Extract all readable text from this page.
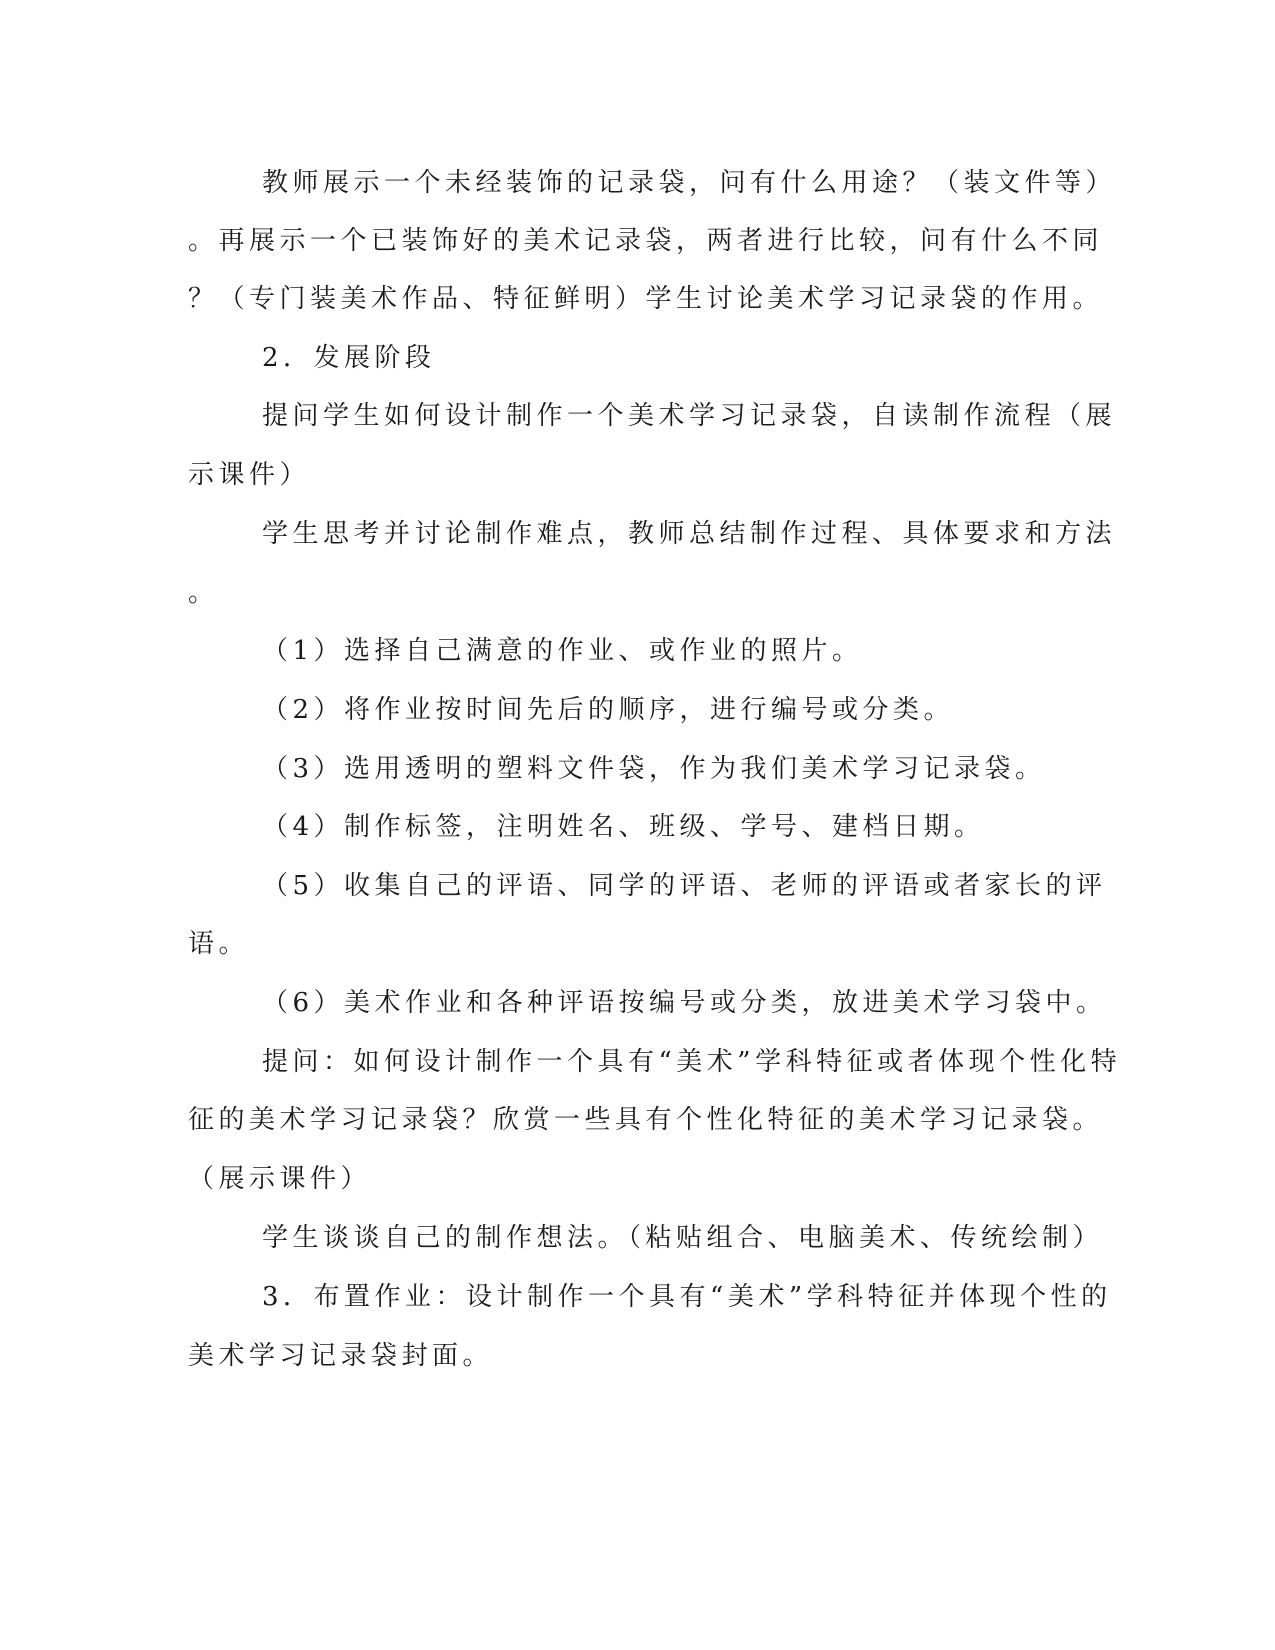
教师展示一个未经装饰的记录袋，问有什么用途？（装文件等）
。再展示一个已装饰好的美术记录袋，两者进行比较，问有什么不同
？（专门装美术作品、特征鲜明）学生讨论美术学习记录袋的作用。
2．发展阶段
提问学生如何设计制作一个美术学习记录袋，自读制作流程（展
示课件）
学生思考并讨论制作难点，教师总结制作过程、具体要求和方法
。
（1）选择自己满意的作业、或作业的照片。
（2）将作业按时间先后的顺序，进行编号或分类。
（3）选用透明的塑料文件袋，作为我们美术学习记录袋。
（4）制作标签，注明姓名、班级、学号、建档日期。
（5）收集自己的评语、同学的评语、老师的评语或者家长的评
语。
（6）美术作业和各种评语按编号或分类，放进美术学习袋中。
提问：如何设计制作一个具有“美术”学科特征或者体现个性化特
征的美术学习记录袋？欣赏一些具有个性化特征的美术学习记录袋。
（展示课件）
学生谈谈自己的制作想法。（粘贴组合、电脑美术、传统绘制）
3．布置作业：设计制作一个具有“美术”学科特征并体现个性的
美术学习记录袋封面。
